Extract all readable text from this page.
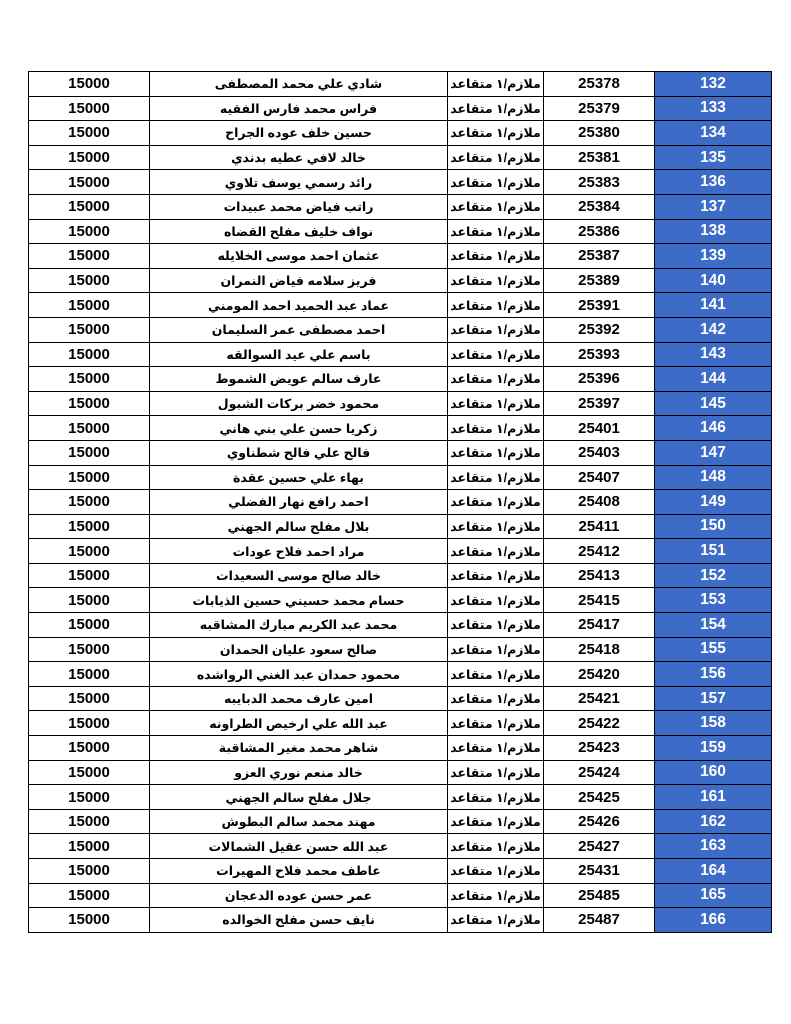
15000	شادي علي محمد المصطفى	ملازم/١ متقاعد	25378	132
15000	فراس محمد فارس الفقيه	ملازم/١ متقاعد	25379	133
15000	حسين خلف عوده الجراح	ملازم/١ متقاعد	25380	134
15000	خالد لافي عطيه بدندي	ملازم/١ متقاعد	25381	135
15000	رائد رسمي يوسف تلاوي	ملازم/١ متقاعد	25383	136
15000	راتب فياض محمد عبيدات	ملازم/١ متقاعد	25384	137
15000	نواف خليف مفلح القضاه	ملازم/١ متقاعد	25386	138
15000	عثمان احمد موسى الخلايله	ملازم/١ متقاعد	25387	139
15000	فريز سلامه فياض النمران	ملازم/١ متقاعد	25389	140
15000	عماد عبد الحميد احمد المومني	ملازم/١ متقاعد	25391	141
15000	احمد مصطفى عمر السليمان	ملازم/١ متقاعد	25392	142
15000	باسم علي عيد السوالقه	ملازم/١ متقاعد	25393	143
15000	عارف سالم عويض الشموط	ملازم/١ متقاعد	25396	144
15000	محمود خضر بركات الشبول	ملازم/١ متقاعد	25397	145
15000	زكريا حسن علي بني هاني	ملازم/١ متقاعد	25401	146
15000	فالح علي فالح شطناوي	ملازم/١ متقاعد	25403	147
15000	بهاء علي حسين عقدة	ملازم/١ متقاعد	25407	148
15000	احمد رافع نهار الفضلي	ملازم/١ متقاعد	25408	149
15000	بلال مفلح سالم الجهني	ملازم/١ متقاعد	25411	150
15000	مراد احمد فلاح عودات	ملازم/١ متقاعد	25412	151
15000	خالد صالح موسى السعيدات	ملازم/١ متقاعد	25413	152
15000	حسام محمد حسيني حسين الذيابات	ملازم/١ متقاعد	25415	153
15000	محمد عبد الكريم مبارك المشاقبه	ملازم/١ متقاعد	25417	154
15000	صالح سعود عليان الحمدان	ملازم/١ متقاعد	25418	155
15000	محمود حمدان عبد الغني الرواشده	ملازم/١ متقاعد	25420	156
15000	امين عارف محمد الدبايبه	ملازم/١ متقاعد	25421	157
15000	عبد الله علي ارخيص الطراونه	ملازم/١ متقاعد	25422	158
15000	شاهر محمد مغير المشاقبة	ملازم/١ متقاعد	25423	159
15000	خالد منعم نوري العزو	ملازم/١ متقاعد	25424	160
15000	جلال مفلح سالم الجهني	ملازم/١ متقاعد	25425	161
15000	مهند محمد سالم البطوش	ملازم/١ متقاعد	25426	162
15000	عبد الله حسن عقيل الشمالات	ملازم/١ متقاعد	25427	163
15000	عاطف محمد فلاح المهيرات	ملازم/١ متقاعد	25431	164
15000	عمر حسن عوده الدعجان	ملازم/١ متقاعد	25485	165
15000	نايف حسن مفلح الخوالده	ملازم/١ متقاعد	25487	166
